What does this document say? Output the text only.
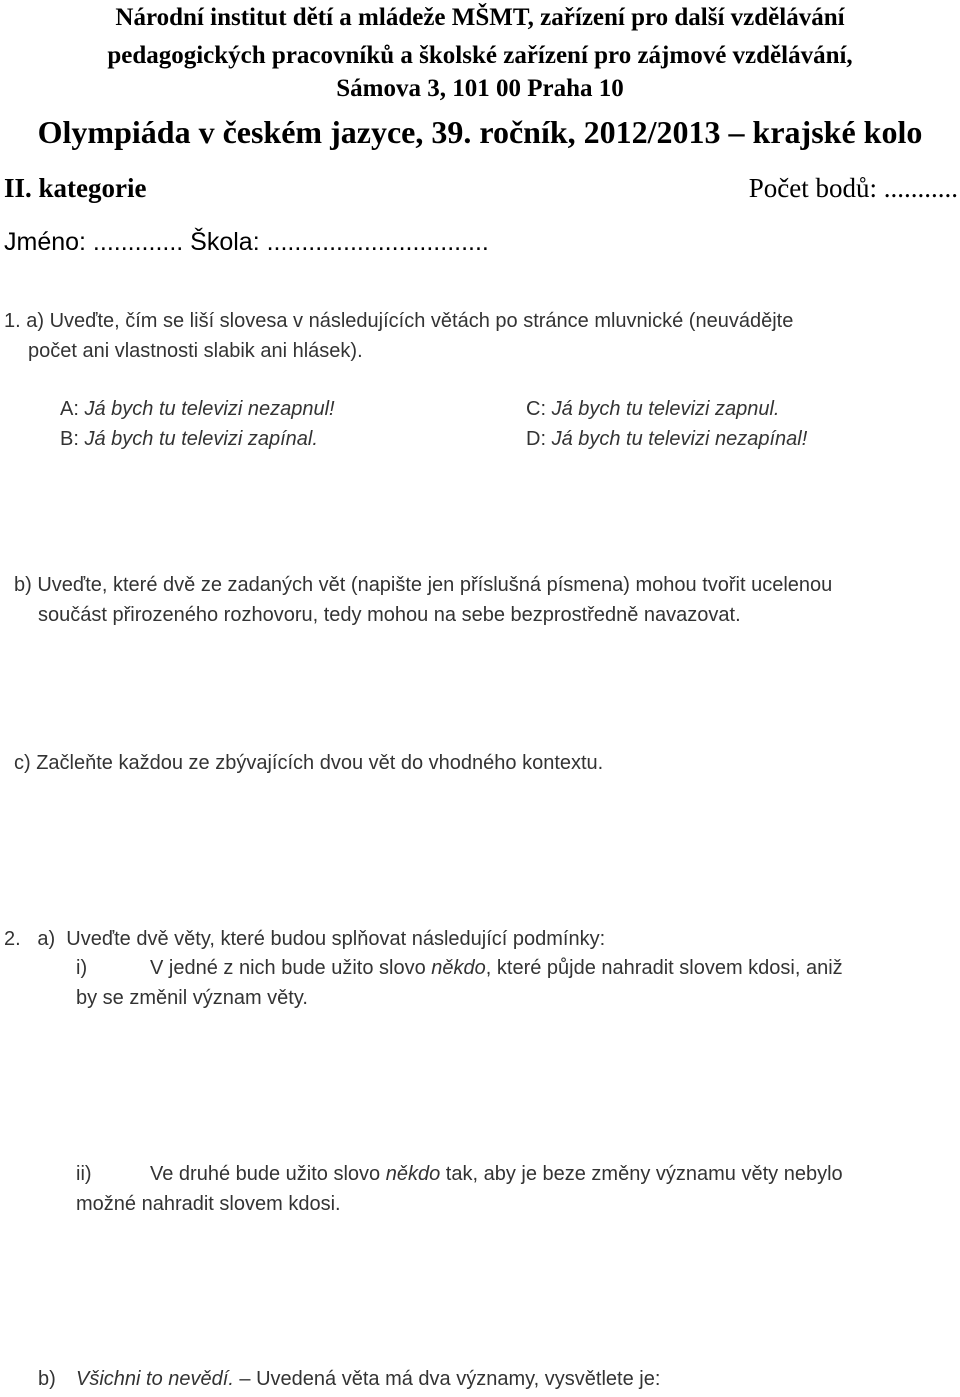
Národní institut dětí a mládeže MŠMT, zařízení pro další vzdělávání
pedagogických pracovníků a školské zařízení pro zájmové vzdělávání,
Sámova 3, 101 00 Praha 10
Olympiáda v českém jazyce, 39. ročník, 2012/2013 – krajské kolo
II. kategorie	Počet bodů: ...........
Jméno: ............. Škola: ................................
1. a) Uveďte, čím se liší slovesa v následujících větách po stránce mluvnické (neuvádějte
počet ani vlastnosti slabik ani hlásek).
A: Já bych tu televizi nezapnul!
B: Já bych tu televizi zapínal.
C: Já bych tu televizi zapnul.
D: Já bych tu televizi nezapínal!
b) Uveďte, které dvě ze zadaných vět (napište jen příslušná písmena) mohou tvořit ucelenou
součást přirozeného rozhovoru, tedy mohou na sebe bezprostředně navazovat.
c) Začleňte každou ze zbývajících dvou vět do vhodného kontextu.
2.   a)  Uveďte dvě věty, které budou splňovat následující podmínky:
i)	V jedné z nich bude užito slovo někdo, které půjde nahradit slovem kdosi, aniž
by se změnil význam věty.
ii)	Ve druhé bude užito slovo někdo tak, aby je beze změny významu věty nebylo
možné nahradit slovem kdosi.
b) Všichni to nevědí. – Uvedená věta má dva významy, vysvětlete je:
